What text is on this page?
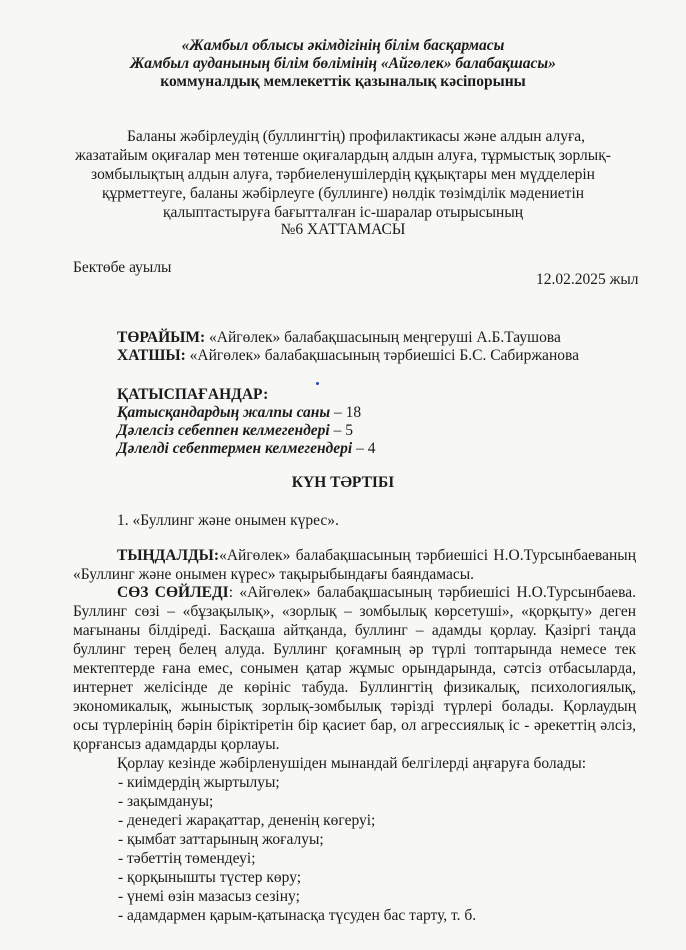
«Жамбыл облысы әкімдігінің білім басқармасы
Жамбыл ауданының білім бөлімінің «Айгөлек» балабақшасы»
коммуналдық мемлекеттік қазыналық кәсіпорыны
Баланы жәбірлеудің (буллингтің) профилактикасы және алдын алуға,
жазатайым оқиғалар мен төтенше оқиғалардың алдын алуға, тұрмыстық зорлық-
зомбылықтың алдын алуға, тәрбиеленушілердің құқықтары мен мүдделерін
құрметтеуге, баланы жәбірлеуге (буллинге) нөлдік төзімділік мәдениетін
қалыптастыруға бағытталған іс-шаралар отырысының
№6 ХАТТАМАСЫ
Бектөбе ауылы
12.02.2025 жыл
ТӨРАЙЫМ: «Айгөлек» балабақшасының меңгеруші А.Б.Таушова
ХАТШЫ: «Айгөлек» балабақшасының тәрбиешісі Б.С. Сабиржанова
ҚАТЫСПАҒАНДАР:
Қатысқандардың жалпы саны – 18
Дәлелсіз себеппен келмегендері – 5
Дәлелді себептермен келмегендері – 4
КҮН ТӘРТІБІ
1. «Буллинг және онымен күрес».
ТЫҢДАЛДЫ:«Айгөлек» балабақшасының тәрбиешісі Н.О.Турсынбаеваның
«Буллинг және онымен күрес» тақырыбындағы баяндамасы.
СӨЗ СӨЙЛЕДІ: «Айгөлек» балабақшасының тәрбиешісі Н.О.Турсынбаева.
Буллинг сөзі – «бұзақылық», «зорлық – зомбылық көрсетуші», «қорқыту» деген
мағынаны білдіреді. Басқаша айтқанда, буллинг – адамды қорлау. Қазіргі таңда
буллинг терең белең алуда. Буллинг қоғамның әр түрлі топтарында немесе тек
мектептерде ғана емес, сонымен қатар жұмыс орындарында, сәтсіз отбасыларда,
интернет желісінде де көрінic табуда. Буллингтің физикалық, психологиялық,
экономикалық, жыныстық зорлық-зомбылық тәрізді түрлері болады. Қорлаудың
осы түрлерінің бәрін біріктіретін бір қасиет бар, ол агрессиялық іс - әрекеттің әлсіз,
қорғансыз адамдарды қорлауы.
Қорлау кезінде жәбірленушіден мынандай белгілерді аңғаруға болады:
- киімдердің жыртылуы;
- зақымдануы;
- денедегі жарақаттар, дененің көгеруі;
- қымбат заттарының жоғалуы;
- тәбеттің төмендеуі;
- қорқынышты түстер көру;
- үнемі өзін мазасыз сезіну;
- адамдармен қарым-қатынасқа түсуден бас тарту, т. б.
